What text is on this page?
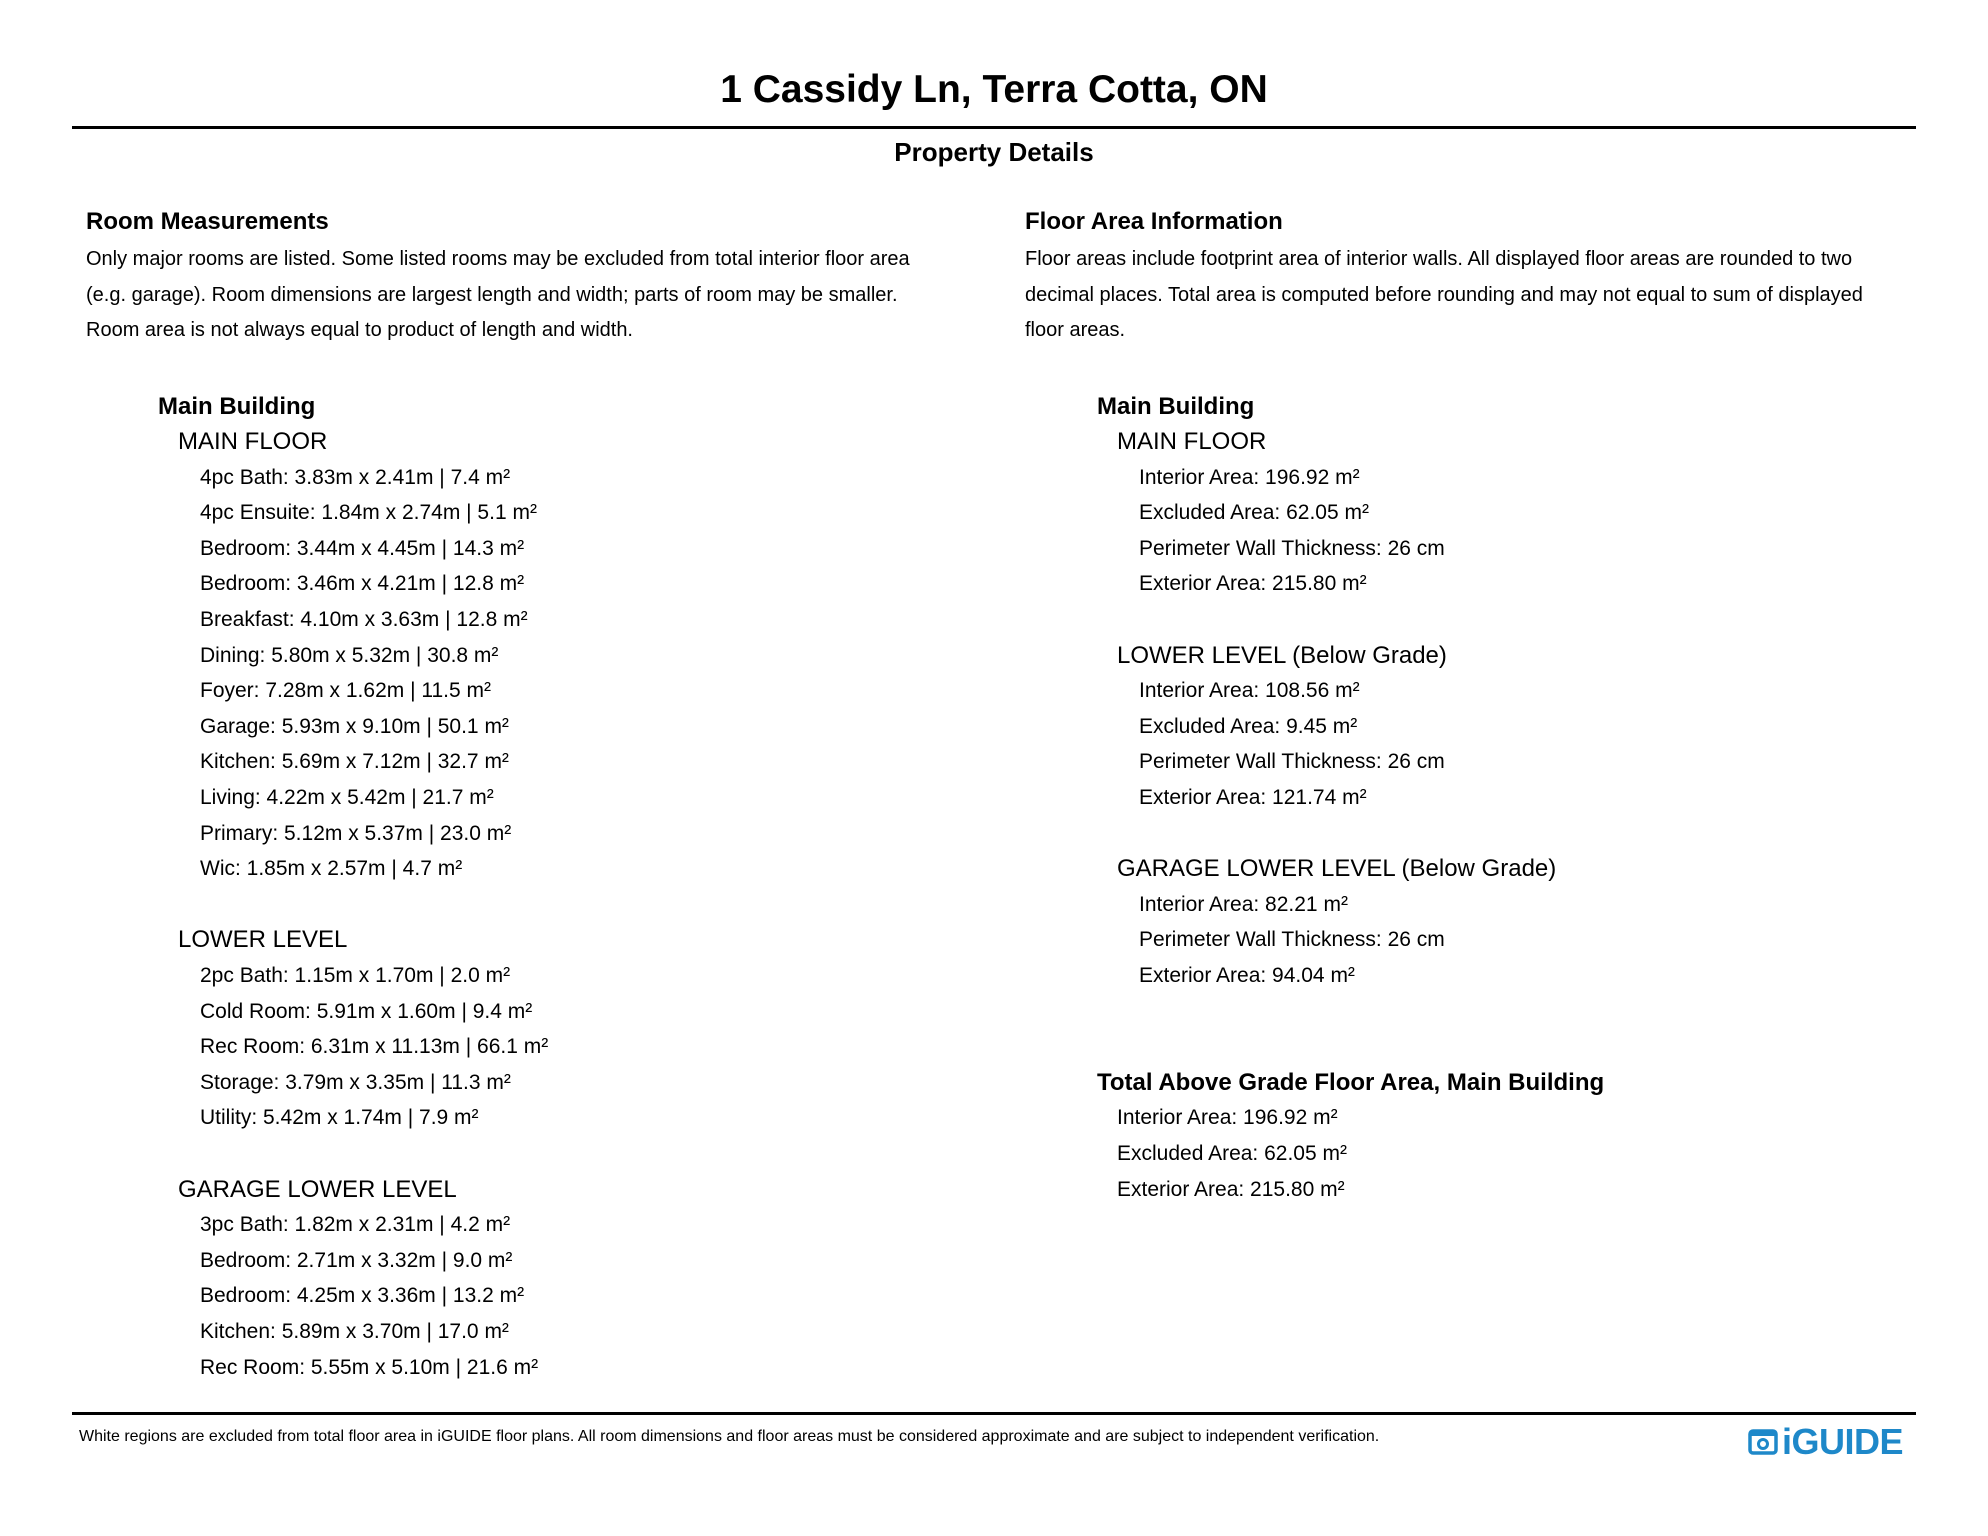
1 Cassidy Ln, Terra Cotta, ON
Property Details
Room Measurements
Only major rooms are listed. Some listed rooms may be excluded from total interior floor area
(e.g. garage). Room dimensions are largest length and width; parts of room may be smaller.
Room area is not always equal to product of length and width.
Main Building
MAIN FLOOR
4pc Bath: 3.83m x 2.41m | 7.4 m²
4pc Ensuite: 1.84m x 2.74m | 5.1 m²
Bedroom: 3.44m x 4.45m | 14.3 m²
Bedroom: 3.46m x 4.21m | 12.8 m²
Breakfast: 4.10m x 3.63m | 12.8 m²
Dining: 5.80m x 5.32m | 30.8 m²
Foyer: 7.28m x 1.62m | 11.5 m²
Garage: 5.93m x 9.10m | 50.1 m²
Kitchen: 5.69m x 7.12m | 32.7 m²
Living: 4.22m x 5.42m | 21.7 m²
Primary: 5.12m x 5.37m | 23.0 m²
Wic: 1.85m x 2.57m | 4.7 m²
LOWER LEVEL
2pc Bath: 1.15m x 1.70m | 2.0 m²
Cold Room: 5.91m x 1.60m | 9.4 m²
Rec Room: 6.31m x 11.13m | 66.1 m²
Storage: 3.79m x 3.35m | 11.3 m²
Utility: 5.42m x 1.74m | 7.9 m²
GARAGE LOWER LEVEL
3pc Bath: 1.82m x 2.31m | 4.2 m²
Bedroom: 2.71m x 3.32m | 9.0 m²
Bedroom: 4.25m x 3.36m | 13.2 m²
Kitchen: 5.89m x 3.70m | 17.0 m²
Rec Room: 5.55m x 5.10m | 21.6 m²
Floor Area Information
Floor areas include footprint area of interior walls. All displayed floor areas are rounded to two
decimal places. Total area is computed before rounding and may not equal to sum of displayed
floor areas.
Main Building
MAIN FLOOR
Interior Area: 196.92 m²
Excluded Area: 62.05 m²
Perimeter Wall Thickness: 26 cm
Exterior Area: 215.80 m²
LOWER LEVEL (Below Grade)
Interior Area: 108.56 m²
Excluded Area: 9.45 m²
Perimeter Wall Thickness: 26 cm
Exterior Area: 121.74 m²
GARAGE LOWER LEVEL (Below Grade)
Interior Area: 82.21 m²
Perimeter Wall Thickness: 26 cm
Exterior Area: 94.04 m²
Total Above Grade Floor Area, Main Building
Interior Area: 196.92 m²
Excluded Area: 62.05 m²
Exterior Area: 215.80 m²
White regions are excluded from total floor area in iGUIDE floor plans. All room dimensions and floor areas must be considered approximate and are subject to independent verification.	iGUIDE
